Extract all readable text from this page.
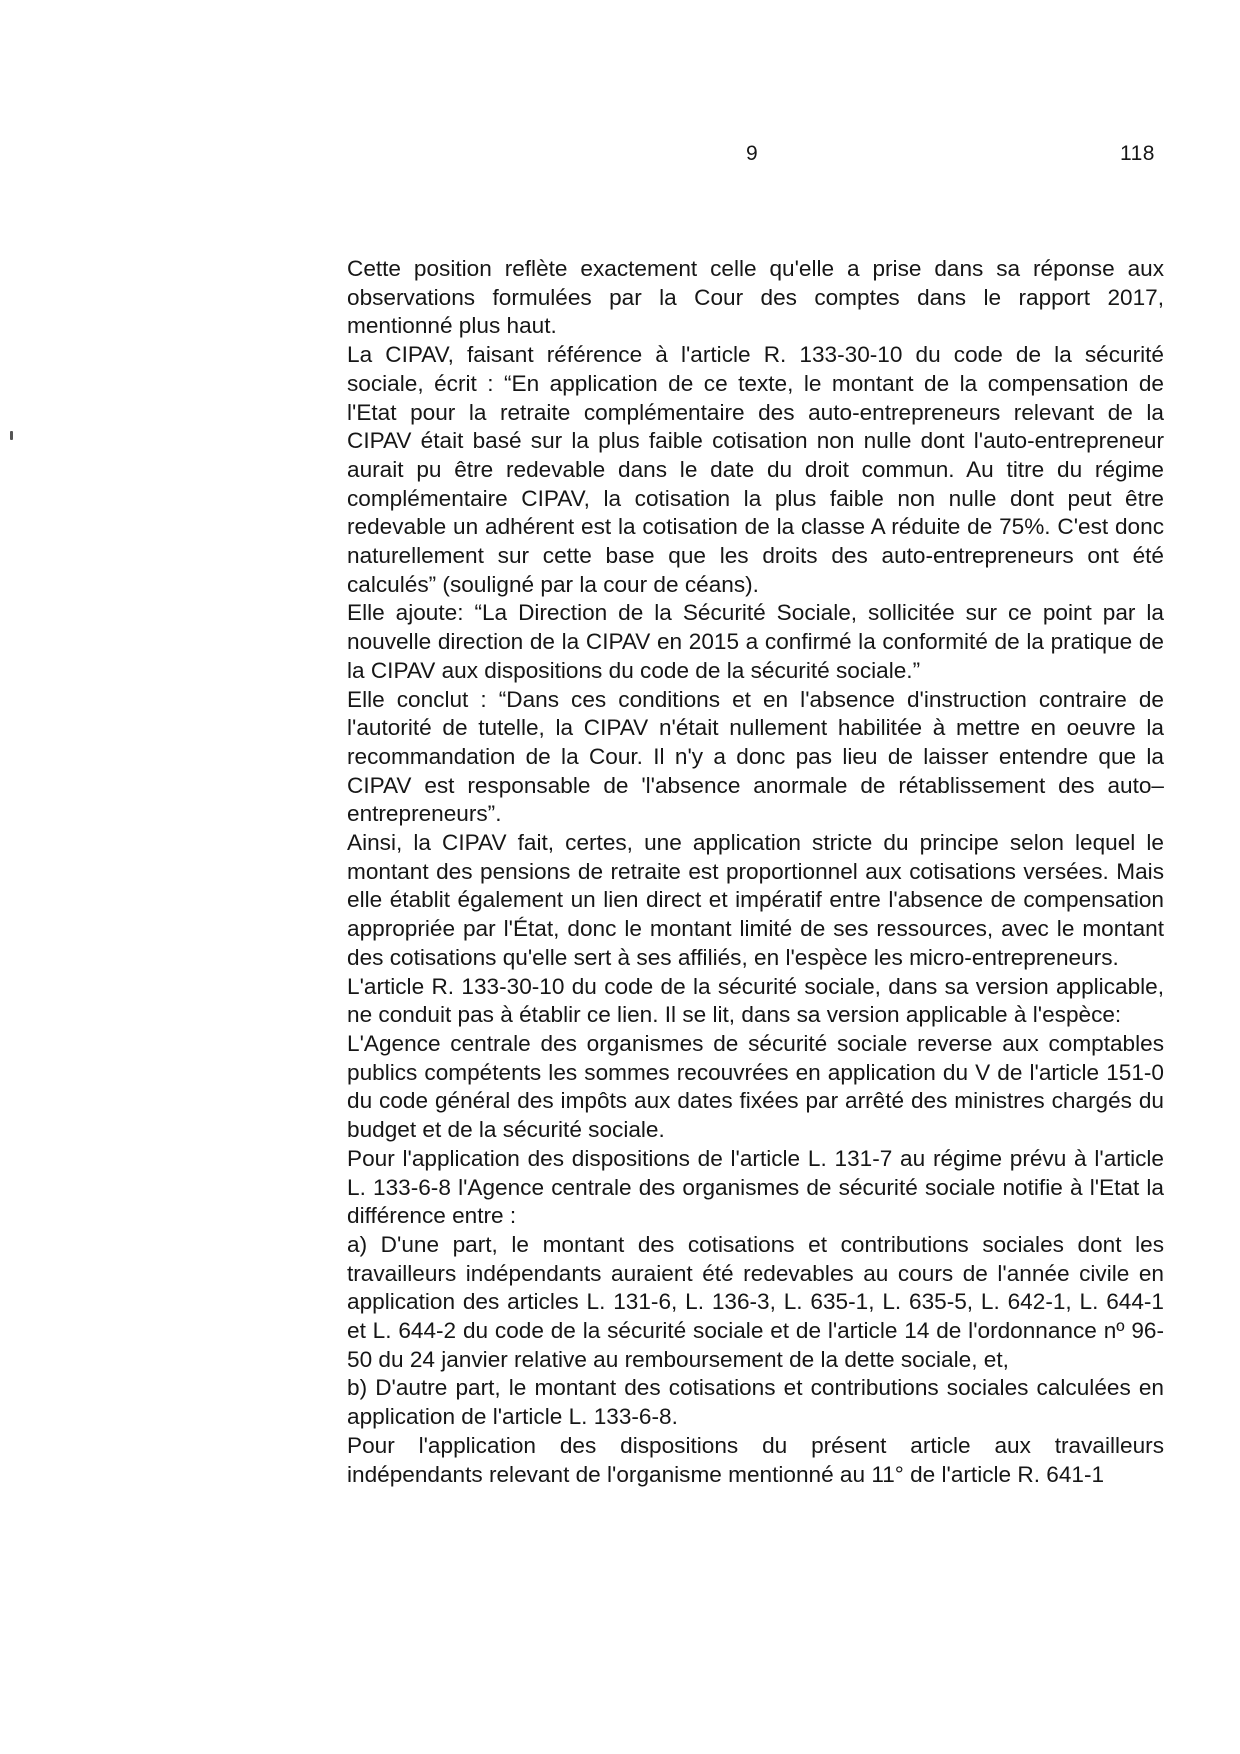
9	118

Cette position reflète exactement celle qu'elle a prise dans sa réponse aux observations formulées par la Cour des comptes dans le rapport 2017, mentionné plus haut.

La CIPAV, faisant référence à l'article R. 133-30-10 du code de la sécurité sociale, écrit : “En application de ce texte, le montant de la compensation de l'Etat pour la retraite complémentaire des auto-entrepreneurs relevant de la CIPAV était basé sur la plus faible cotisation non nulle dont l'auto-entrepreneur aurait pu être redevable dans le date du droit commun. Au titre du régime complémentaire CIPAV, la cotisation la plus faible non nulle dont peut être redevable un adhérent est la cotisation de la classe A réduite de 75%. C'est donc naturellement sur cette base que les droits des auto-entrepreneurs ont été calculés” (souligné par la cour de céans).

Elle ajoute: “La Direction de la Sécurité Sociale, sollicitée sur ce point par la nouvelle direction de la CIPAV en 2015 a confirmé la conformité de la pratique de la CIPAV aux dispositions du code de la sécurité sociale.”

Elle conclut : “Dans ces conditions et en l'absence d'instruction contraire de l'autorité de tutelle, la CIPAV n'était nullement habilitée à mettre en oeuvre la recommandation de la Cour. Il n'y a donc pas lieu de laisser entendre que la CIPAV est responsable de 'l'absence anormale de rétablissement des auto–entrepreneurs”.

Ainsi, la CIPAV fait, certes, une application stricte du principe selon lequel le montant des pensions de retraite est proportionnel aux cotisations versées. Mais elle établit également un lien direct et impératif entre l'absence de compensation appropriée par l'État, donc le montant limité de ses ressources, avec le montant des cotisations qu'elle sert à ses affiliés, en l'espèce les micro-entrepreneurs.

L'article R. 133-30-10 du code de la sécurité sociale, dans sa version applicable, ne conduit pas à établir ce lien. Il se lit, dans sa version applicable à l'espèce:

L'Agence centrale des organismes de sécurité sociale reverse aux comptables publics compétents les sommes recouvrées en application du V de l'article 151-0 du code général des impôts aux dates fixées par arrêté des ministres chargés du budget et de la sécurité sociale.

Pour l'application des dispositions de l'article L. 131-7 au régime prévu à l'article L. 133-6-8 l'Agence centrale des organismes de sécurité sociale notifie à l'Etat la différence entre :

a) D'une part, le montant des cotisations et contributions sociales dont les travailleurs indépendants auraient été redevables au cours de l'année civile en application des articles L. 131-6, L. 136-3, L. 635-1, L. 635-5, L. 642-1, L. 644-1 et L. 644-2 du code de la sécurité sociale et de l'article 14 de l'ordonnance nº 96-50 du 24 janvier relative au remboursement de la dette sociale, et,

b) D'autre part, le montant des cotisations et contributions sociales calculées en application de l'article L. 133-6-8.

Pour l'application des dispositions du présent article aux travailleurs indépendants relevant de l'organisme mentionné au 11° de l'article R. 641-1
